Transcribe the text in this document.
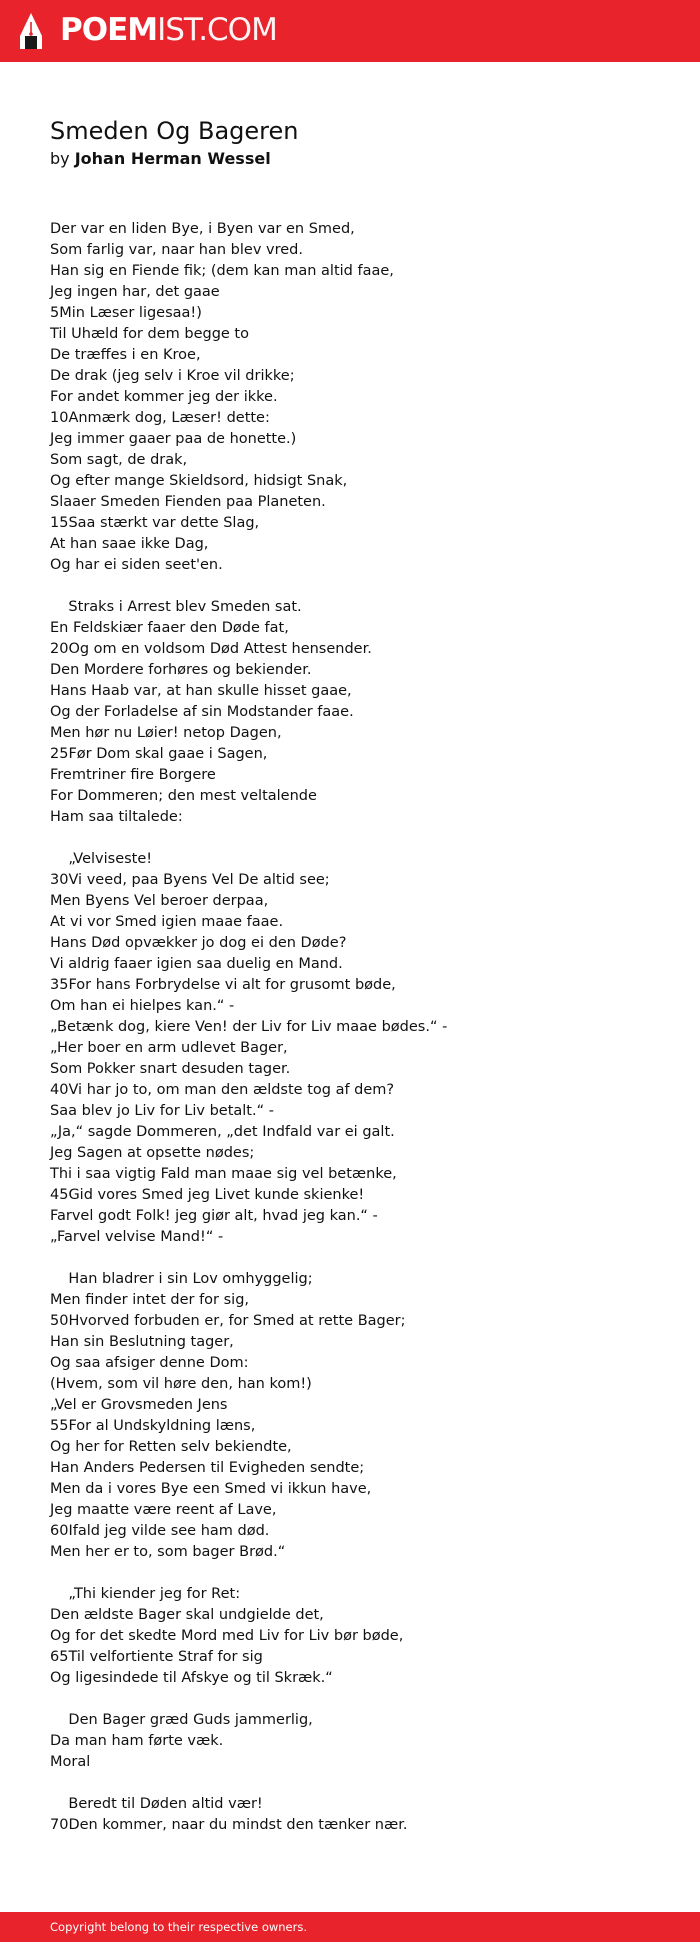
POEMIST.COM
Smeden Og Bageren
by Johan Herman Wessel
Der var en liden Bye, i Byen var en Smed,
Som farlig var, naar han blev vred.
Han sig en Fiende fik; (dem kan man altid faae,
Jeg ingen har, det gaae
5Min Læser ligesaa!)
Til Uhæld for dem begge to
De træffes i en Kroe,
De drak (jeg selv i Kroe vil drikke;
For andet kommer jeg der ikke.
10Anmærk dog, Læser! dette:
Jeg immer gaaer paa de honette.)
Som sagt, de drak,
Og efter mange Skieldsord, hidsigt Snak,
Slaaer Smeden Fienden paa Planeten.
15Saa stærkt var dette Slag,
At han saae ikke Dag,
Og har ei siden seet'en.
Straks i Arrest blev Smeden sat.
En Feldskiær faaer den Døde fat,
20Og om en voldsom Død Attest hensender.
Den Mordere forhøres og bekiender.
Hans Haab var, at han skulle hisset gaae,
Og der Forladelse af sin Modstander faae.
Men hør nu Løier! netop Dagen,
25Før Dom skal gaae i Sagen,
Fremtriner fire Borgere
For Dommeren; den mest veltalende
Ham saa tiltalede:
„Velviseste!
30Vi veed, paa Byens Vel De altid see;
Men Byens Vel beroer derpaa,
At vi vor Smed igien maae faae.
Hans Død opvækker jo dog ei den Døde?
Vi aldrig faaer igien saa duelig en Mand.
35For hans Forbrydelse vi alt for grusomt bøde,
Om han ei hielpes kan.“ -
„Betænk dog, kiere Ven! der Liv for Liv maae bødes.“ -
„Her boer en arm udlevet Bager,
Som Pokker snart desuden tager.
40Vi har jo to, om man den ældste tog af dem?
Saa blev jo Liv for Liv betalt.“ -
„Ja,“ sagde Dommeren, „det Indfald var ei galt.
Jeg Sagen at opsette nødes;
Thi i saa vigtig Fald man maae sig vel betænke,
45Gid vores Smed jeg Livet kunde skienke!
Farvel godt Folk! jeg giør alt, hvad jeg kan.“ -
„Farvel velvise Mand!“ -
Han bladrer i sin Lov omhyggelig;
Men finder intet der for sig,
50Hvorved forbuden er, for Smed at rette Bager;
Han sin Beslutning tager,
Og saa afsiger denne Dom:
(Hvem, som vil høre den, han kom!)
„Vel er Grovsmeden Jens
55For al Undskyldning læns,
Og her for Retten selv bekiendte,
Han Anders Pedersen til Evigheden sendte;
Men da i vores Bye een Smed vi ikkun have,
Jeg maatte være reent af Lave,
60Ifald jeg vilde see ham død.
Men her er to, som bager Brød.“
„Thi kiender jeg for Ret:
Den ældste Bager skal undgielde det,
Og for det skedte Mord med Liv for Liv bør bøde,
65Til velfortiente Straf for sig
Og ligesindede til Afskye og til Skræk.“
Den Bager græd Guds jammerlig,
Da man ham førte væk.
Moral
Beredt til Døden altid vær!
70Den kommer, naar du mindst den tænker nær.
Copyright belong to their respective owners.
